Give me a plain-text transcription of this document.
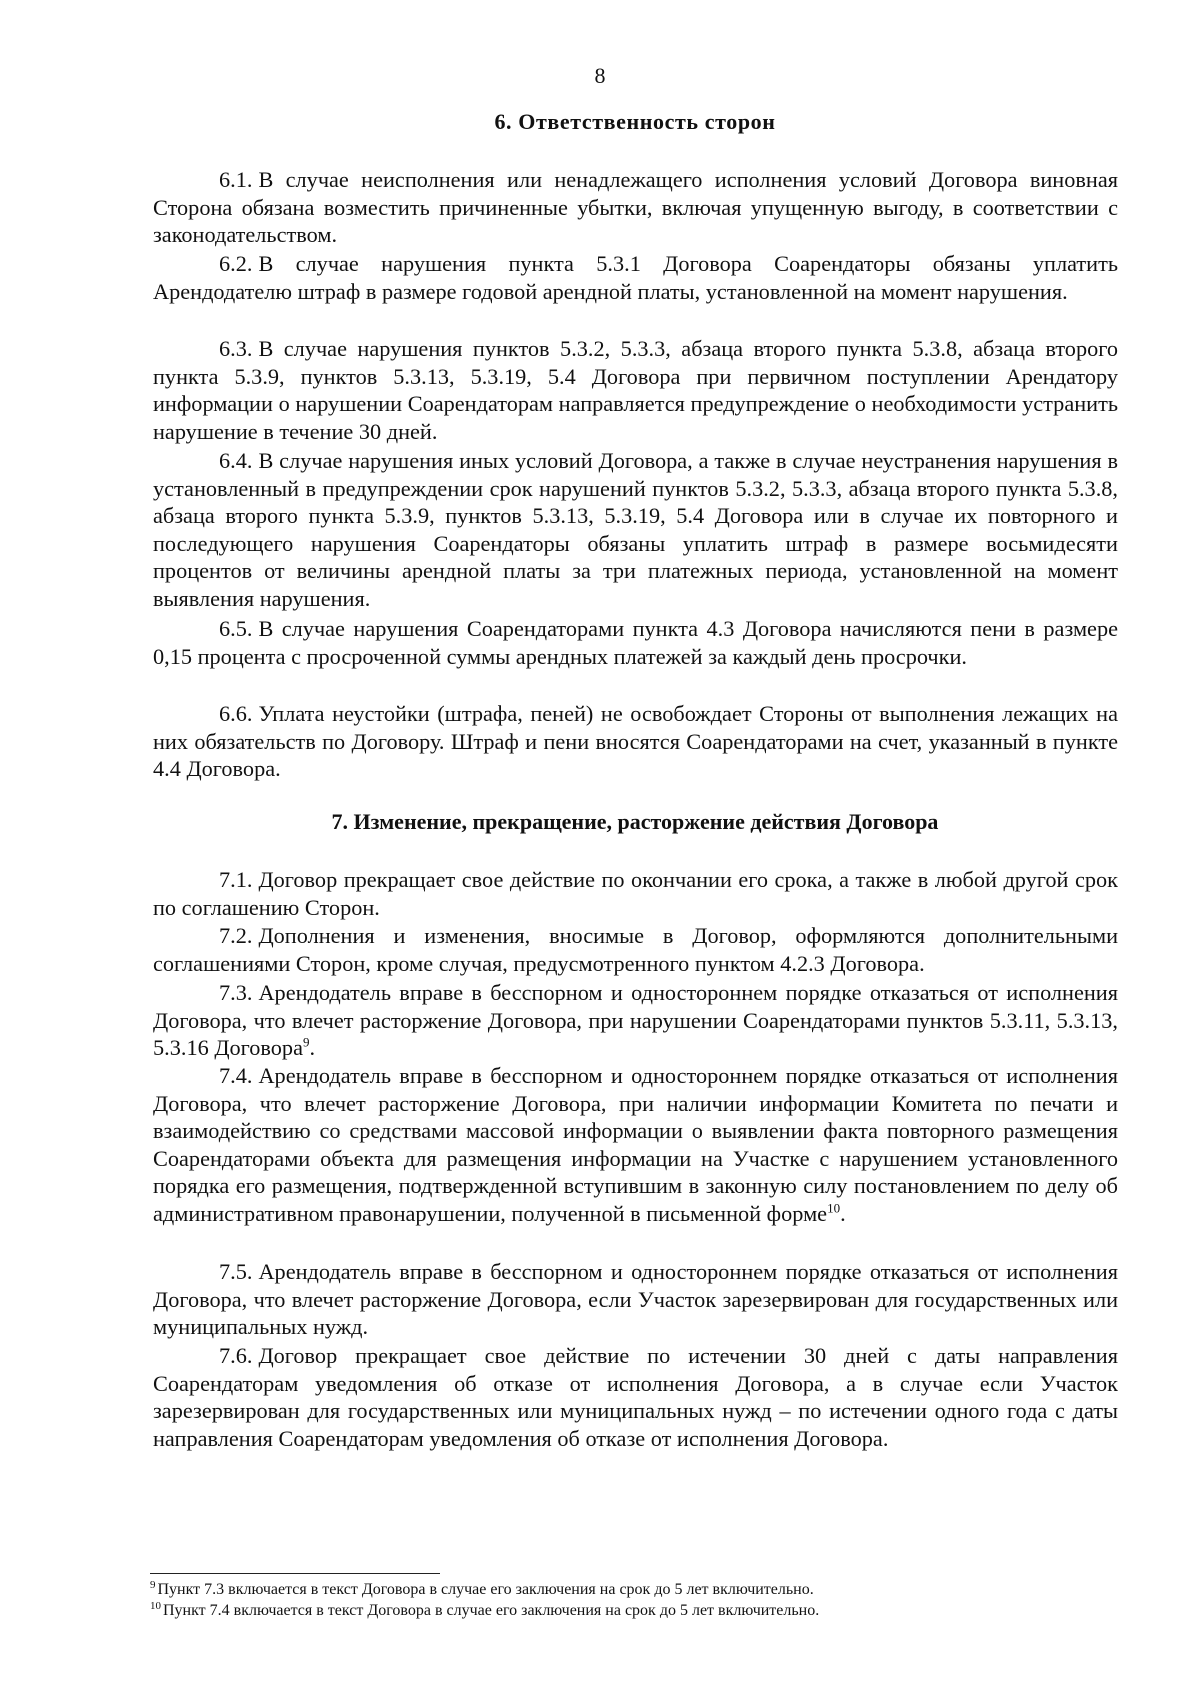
8
6. Ответственность сторон

6.1. В случае неисполнения или ненадлежащего исполнения условий Договора виновная Сторона обязана возместить причиненные убытки, включая упущенную выгоду, в соответствии с законодательством.

6.2. В случае нарушения пункта 5.3.1 Договора Соарендаторы обязаны уплатить Арендодателю штраф в размере годовой арендной платы, установленной на момент нарушения.

6.3. В случае нарушения пунктов 5.3.2, 5.3.3, абзаца второго пункта 5.3.8, абзаца второго пункта 5.3.9, пунктов 5.3.13, 5.3.19, 5.4 Договора при первичном поступлении Арендатору информации о нарушении Соарендаторам направляется предупреждение о необходимости устранить нарушение в течение 30 дней.

6.4. В случае нарушения иных условий Договора, а также в случае неустранения нарушения в установленный в предупреждении срок нарушений пунктов 5.3.2, 5.3.3, абзаца второго пункта 5.3.8, абзаца второго пункта 5.3.9, пунктов 5.3.13, 5.3.19, 5.4 Договора или в случае их повторного и последующего нарушения Соарендаторы обязаны уплатить штраф в размере восьмидесяти процентов от величины арендной платы за три платежных периода, установленной на момент выявления нарушения.

6.5. В случае нарушения Соарендаторами пункта 4.3 Договора начисляются пени в размере 0,15 процента с просроченной суммы арендных платежей за каждый день просрочки.

6.6. Уплата неустойки (штрафа, пеней) не освобождает Стороны от выполнения лежащих на них обязательств по Договору. Штраф и пени вносятся Соарендаторами на счет, указанный в пункте 4.4 Договора.

7. Изменение, прекращение, расторжение действия Договора

7.1. Договор прекращает свое действие по окончании его срока, а также в любой другой срок по соглашению Сторон.

7.2. Дополнения и изменения, вносимые в Договор, оформляются дополнительными соглашениями Сторон, кроме случая, предусмотренного пунктом 4.2.3 Договора.

7.3. Арендодатель вправе в бесспорном и одностороннем порядке отказаться от исполнения Договора, что влечет расторжение Договора, при нарушении Соарендаторами пунктов 5.3.11, 5.3.13, 5.3.16 Договора$^9$.

7.4. Арендодатель вправе в бесспорном и одностороннем порядке отказаться от исполнения Договора, что влечет расторжение Договора, при наличии информации Комитета по печати и взаимодействию со средствами массовой информации о выявлении факта повторного размещения Соарендаторами объекта для размещения информации на Участке с нарушением установленного порядка его размещения, подтвержденной вступившим в законную силу постановлением по делу об административном правонарушении, полученной в письменной форме$^{10}$.

7.5. Арендодатель вправе в бесспорном и одностороннем порядке отказаться от исполнения Договора, что влечет расторжение Договора, если Участок зарезервирован для государственных или муниципальных нужд.

7.6. Договор прекращает свое действие по истечении 30 дней с даты направления Соарендаторам уведомления об отказе от исполнения Договора, а в случае если Участок зарезервирован для государственных или муниципальных нужд – по истечении одного года с даты направления Соарендаторам уведомления об отказе от исполнения Договора.

$^9$ Пункт 7.3 включается в текст Договора в случае его заключения на срок до 5 лет включительно.
$^{10}$ Пункт 7.4 включается в текст Договора в случае его заключения на срок до 5 лет включительно.
